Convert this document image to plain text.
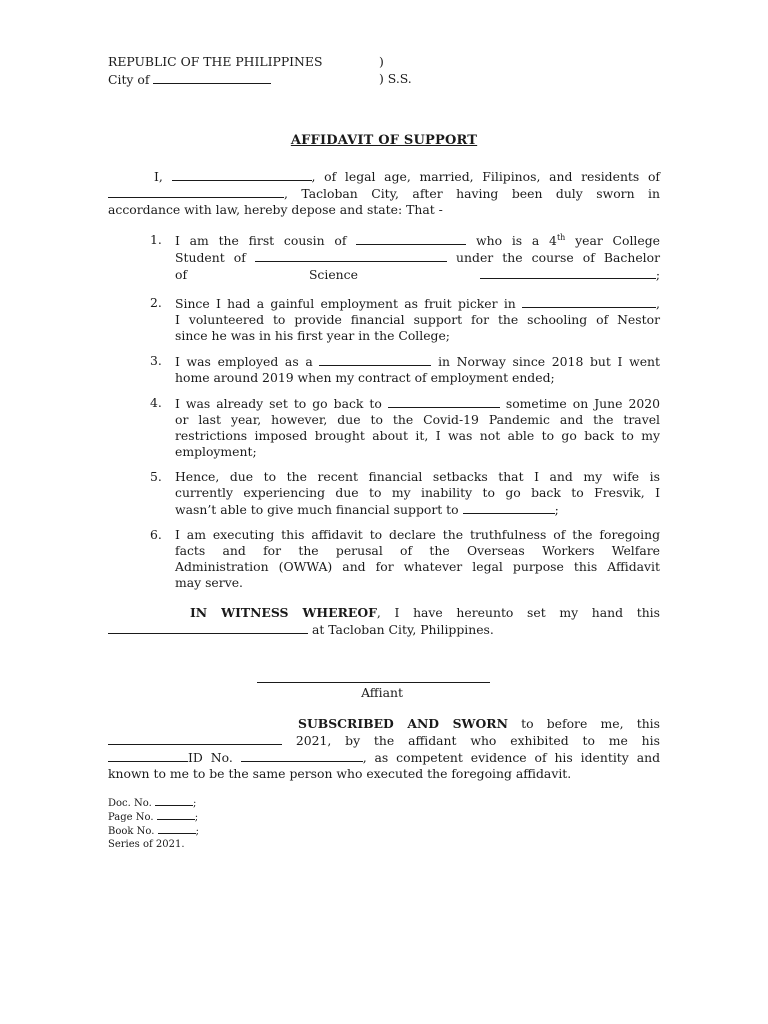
REPUBLIC OF THE PHILIPPINES	)
City of	) S.S.
AFFIDAVIT OF SUPPORT
I,	, of legal age, married, Filipinos, and residents of
, Tacloban City, after having been duly sworn in
accordance with law, hereby depose and state: That -
1.	I am the first cousin of	who is a 4th year College
Student of	under the course of Bachelor
of	Science	;
2.	Since I had a gainful employment as fruit picker in	,
I volunteered to provide financial support for the schooling of Nestor
since he was in his first year in the College;
3.	I was employed as a	in Norway since 2018 but I went
home around 2019 when my contract of employment ended;
4.	I was already set to go back to	sometime on June 2020
or last year, however, due to the Covid-19 Pandemic and the travel
restrictions imposed brought about it, I was not able to go back to my
employment;
5.	Hence, due to the recent financial setbacks that I and my wife is
currently experiencing due to my inability to go back to Fresvik, I
wasn’t able to give much financial support to	;
6.	I am executing this affidavit to declare the truthfulness of the foregoing
facts and for the perusal of the Overseas Workers Welfare
Administration (OWWA) and for whatever legal purpose this Affidavit
may serve.
IN WITNESS WHEREOF, I have hereunto set my hand this
at Tacloban City, Philippines.
Affiant
SUBSCRIBED AND SWORN to before me, this
2021, by the affidant who exhibited to me his
ID No.	, as competent evidence of his identity and
known to me to be the same person who executed the foregoing affidavit.
Doc. No.	;
Page No.	;
Book No.	;
Series of 2021.
